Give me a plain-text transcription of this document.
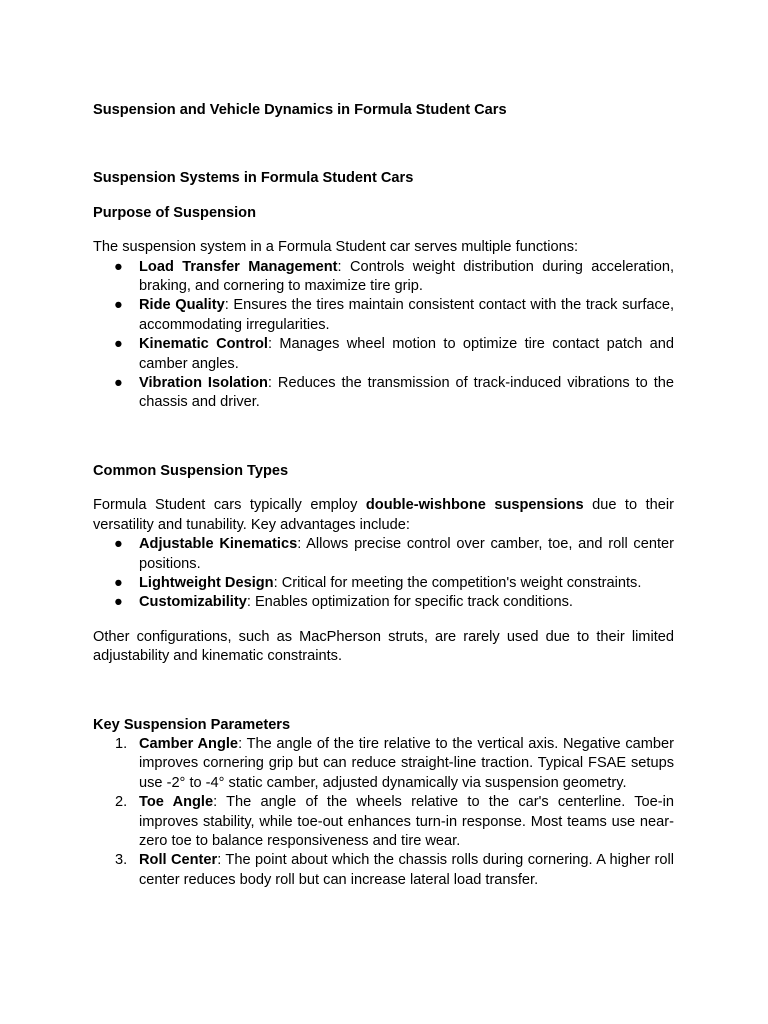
Suspension and Vehicle Dynamics in Formula Student Cars
Suspension Systems in Formula Student Cars
Purpose of Suspension

The suspension system in a Formula Student car serves multiple functions:

● Load Transfer Management: Controls weight distribution during acceleration, braking, and cornering to maximize tire grip.
● Ride Quality: Ensures the tires maintain consistent contact with the track surface, accommodating irregularities.
● Kinematic Control: Manages wheel motion to optimize tire contact patch and camber angles.
● Vibration Isolation: Reduces the transmission of track-induced vibrations to the chassis and driver.
Common Suspension Types

Formula Student cars typically employ double-wishbone suspensions due to their versatility and tunability. Key advantages include:

● Adjustable Kinematics: Allows precise control over camber, toe, and roll center positions.
● Lightweight Design: Critical for meeting the competition's weight constraints.
● Customizability: Enables optimization for specific track conditions.

Other configurations, such as MacPherson struts, are rarely used due to their limited adjustability and kinematic constraints.

Key Suspension Parameters
1. Camber Angle: The angle of the tire relative to the vertical axis. Negative camber improves cornering grip but can reduce straight-line traction. Typical FSAE setups use -2° to -4° static camber, adjusted dynamically via suspension geometry.
2. Toe Angle: The angle of the wheels relative to the car's centerline. Toe-in improves stability, while toe-out enhances turn-in response. Most teams use near-zero toe to balance responsiveness and tire wear.
3. Roll Center: The point about which the chassis rolls during cornering. A higher roll center reduces body roll but can increase lateral load transfer.
